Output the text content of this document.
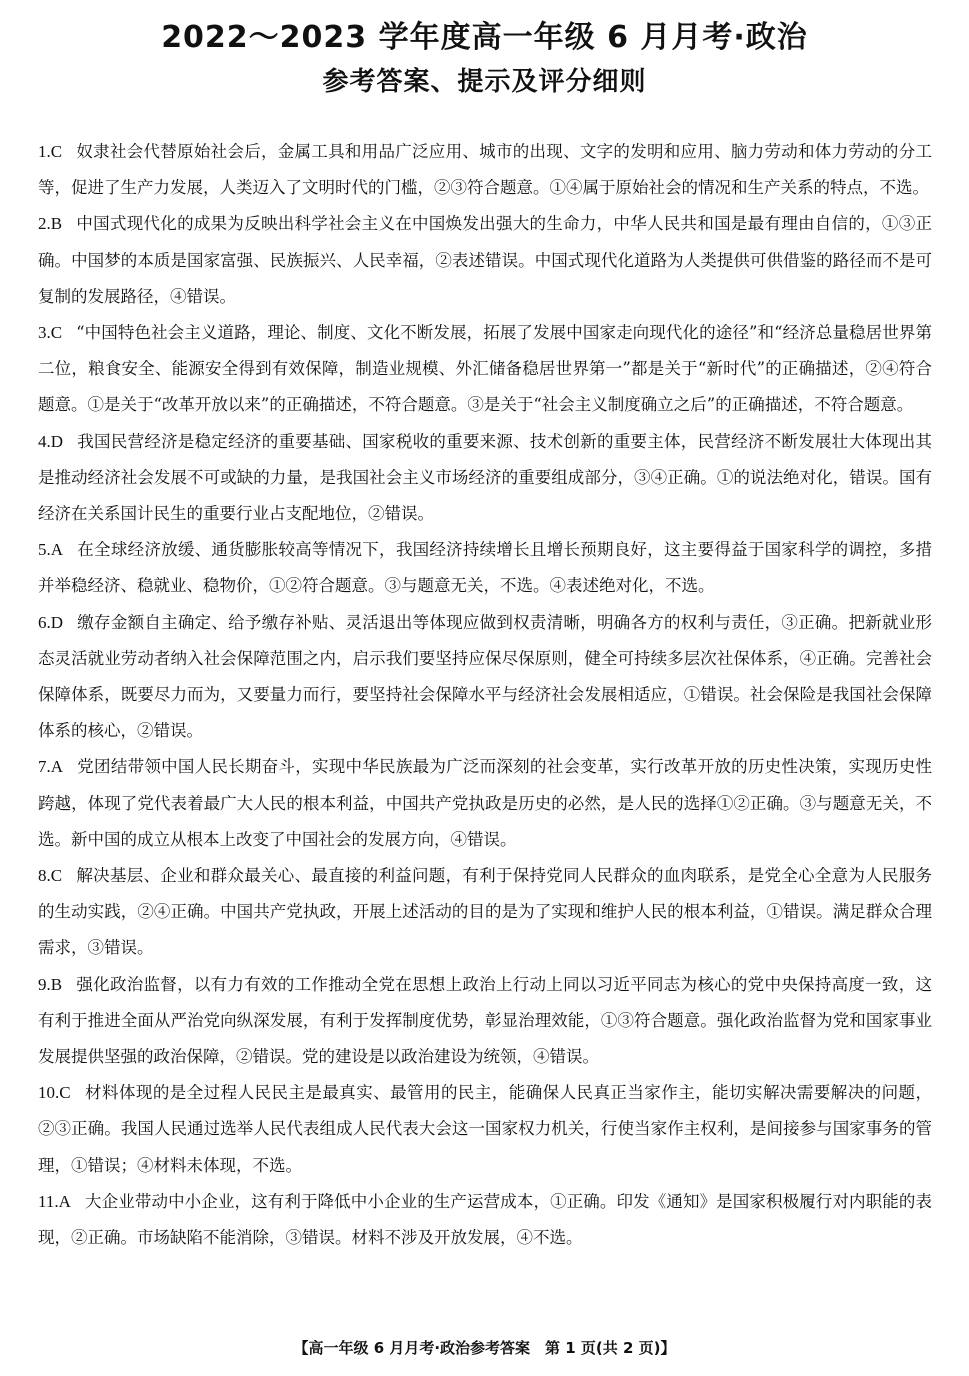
2022～2023 学年度高一年级 6 月月考·政治
参考答案、提示及评分细则

1.C 奴隶社会代替原始社会后，金属工具和用品广泛应用、城市的出现、文字的发明和应用、脑力劳动和体力劳动的分工等，促进了生产力发展，人类迈入了文明时代的门槛，②③符合题意。①④属于原始社会的情况和生产关系的特点，不选。

2.B 中国式现代化的成果为反映出科学社会主义在中国焕发出强大的生命力，中华人民共和国是最有理由自信的，①③正确。中国梦的本质是国家富强、民族振兴、人民幸福，②表述错误。中国式现代化道路为人类提供可供借鉴的路径而不是可复制的发展路径，④错误。

3.C “中国特色社会主义道路，理论、制度、文化不断发展，拓展了发展中国家走向现代化的途径”和“经济总量稳居世界第二位，粮食安全、能源安全得到有效保障，制造业规模、外汇储备稳居世界第一”都是关于“新时代”的正确描述，②④符合题意。①是关于“改革开放以来”的正确描述，不符合题意。③是关于“社会主义制度确立之后”的正确描述，不符合题意。

4.D 我国民营经济是稳定经济的重要基础、国家税收的重要来源、技术创新的重要主体，民营经济不断发展壮大体现出其是推动经济社会发展不可或缺的力量，是我国社会主义市场经济的重要组成部分，③④正确。①的说法绝对化，错误。国有经济在关系国计民生的重要行业占支配地位，②错误。

5.A 在全球经济放缓、通货膨胀较高等情况下，我国经济持续增长且增长预期良好，这主要得益于国家科学的调控，多措并举稳经济、稳就业、稳物价，①②符合题意。③与题意无关，不选。④表述绝对化，不选。

6.D 缴存金额自主确定、给予缴存补贴、灵活退出等体现应做到权责清晰，明确各方的权利与责任，③正确。把新就业形态灵活就业劳动者纳入社会保障范围之内，启示我们要坚持应保尽保原则，健全可持续多层次社保体系，④正确。完善社会保障体系，既要尽力而为，又要量力而行，要坚持社会保障水平与经济社会发展相适应，①错误。社会保险是我国社会保障体系的核心，②错误。

7.A 党团结带领中国人民长期奋斗，实现中华民族最为广泛而深刻的社会变革，实行改革开放的历史性决策，实现历史性跨越，体现了党代表着最广大人民的根本利益，中国共产党执政是历史的必然，是人民的选择①②正确。③与题意无关，不选。新中国的成立从根本上改变了中国社会的发展方向，④错误。

8.C 解决基层、企业和群众最关心、最直接的利益问题，有利于保持党同人民群众的血肉联系，是党全心全意为人民服务的生动实践，②④正确。中国共产党执政，开展上述活动的目的是为了实现和维护人民的根本利益，①错误。满足群众合理需求，③错误。

9.B 强化政治监督，以有力有效的工作推动全党在思想上政治上行动上同以习近平同志为核心的党中央保持高度一致，这有利于推进全面从严治党向纵深发展，有利于发挥制度优势，彰显治理效能，①③符合题意。强化政治监督为党和国家事业发展提供坚强的政治保障，②错误。党的建设是以政治建设为统领，④错误。

10.C 材料体现的是全过程人民民主是最真实、最管用的民主，能确保人民真正当家作主，能切实解决需要解决的问题，②③正确。我国人民通过选举人民代表组成人民代表大会这一国家权力机关，行使当家作主权利，是间接参与国家事务的管理，①错误；④材料未体现，不选。

11.A 大企业带动中小企业，这有利于降低中小企业的生产运营成本，①正确。印发《通知》是国家积极履行对内职能的表现，②正确。市场缺陷不能消除，③错误。材料不涉及开放发展，④不选。

【高一年级 6 月月考·政治参考答案　第 1 页(共 2 页)】
